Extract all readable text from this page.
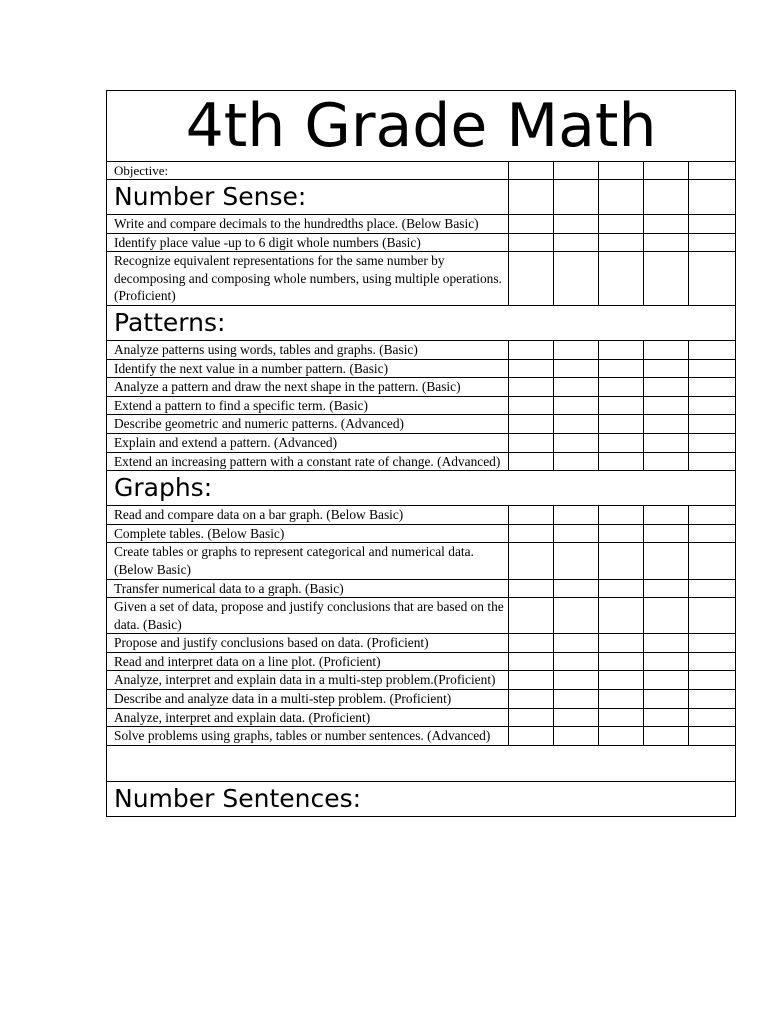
4th Grade Math					
Objective:					
Number Sense:					
Write and compare decimals to the hundredths place. (Below Basic)					
Identify place value -up to 6 digit whole numbers (Basic)					
Recognize equivalent representations for the same number by decomposing and composing whole numbers, using multiple operations. (Proficient)					
Patterns:					
Analyze patterns using words, tables and graphs. (Basic)					
Identify the next value in a number pattern. (Basic)					
Analyze a pattern and draw the next shape in the pattern. (Basic)					
Extend a pattern to find a specific term. (Basic)					
Describe geometric and numeric patterns. (Advanced)					
Explain and extend a pattern. (Advanced)					
Extend an increasing pattern with a constant rate of change. (Advanced)					
Graphs:					
Read and compare data on a bar graph. (Below Basic)					
Complete tables. (Below Basic)					
Create tables or graphs to represent categorical and numerical data. (Below Basic)					
Transfer numerical data to a graph. (Basic)					
Given a set of data, propose and justify conclusions that are based on the data. (Basic)					
Propose and justify conclusions based on data. (Proficient)					
Read and interpret data on a line plot. (Proficient)					
Analyze, interpret and explain data in a multi-step problem.(Proficient)					
Describe and analyze data in a multi-step problem. (Proficient)					
Analyze, interpret and explain data. (Proficient)					
Solve problems using graphs, tables or number sentences. (Advanced)					

Number Sentences:					
